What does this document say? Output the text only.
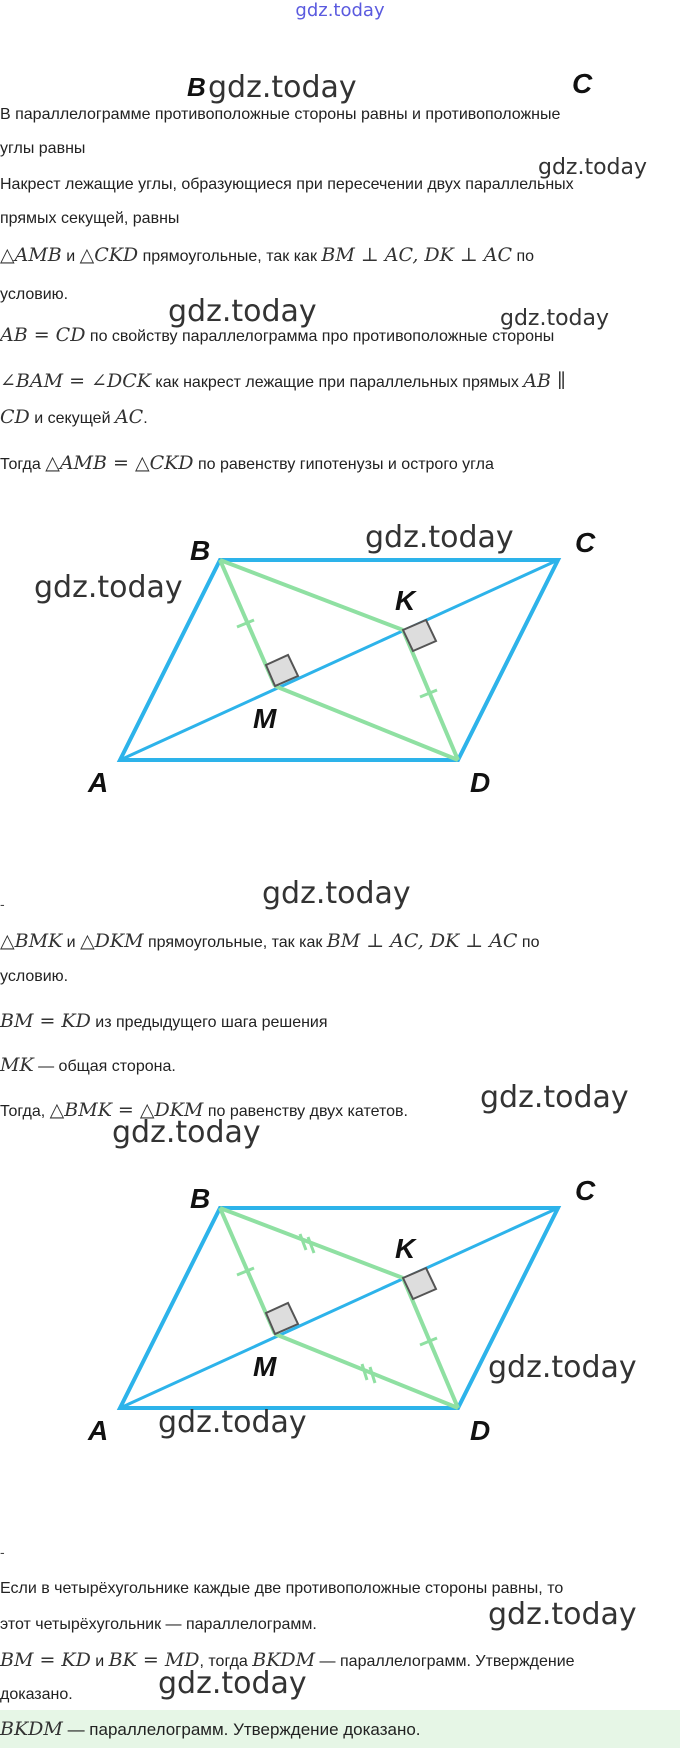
gdz.today
B	C
gdz.today
В параллелограмме противоположные стороны равны и противоположные
углы равны
gdz.today
Накрест лежащие углы, образующиеся при пересечении двух параллельных
прямых секущей, равны
△AMB и △CKD прямоугольные, так как BM ⊥ AC, DK ⊥ AC по
условию.	gdz.today	gdz.today
AB = CD по свойству параллелограмма про противоположные стороны
∠BAM = ∠DCK как накрест лежащие при параллельных прямых AB ∥
CD и секущей AC.
Тогда △AMB = △CKD по равенству гипотенузы и острого угла
B	C
A	D
K
M
gdz.today
gdz.today
-	gdz.today
△BMK и △DKM прямоугольные, так как BM ⊥ AC, DK ⊥ AC по
условию.
BM = KD из предыдущего шага решения
MK — общая сторона.
Тогда, △BMK = △DKM по равенству двух катетов.	gdz.today
gdz.today
B	C
A	D
K
M	gdz.today
gdz.today
-
Если в четырёхугольнике каждые две противоположные стороны равны, то
этот четырёхугольник — параллелограмм.	gdz.today
BM = KD и BK = MD, тогда BKDM — параллелограмм. Утверждение
доказано.	gdz.today
BKDM — параллелограмм. Утверждение доказано.
